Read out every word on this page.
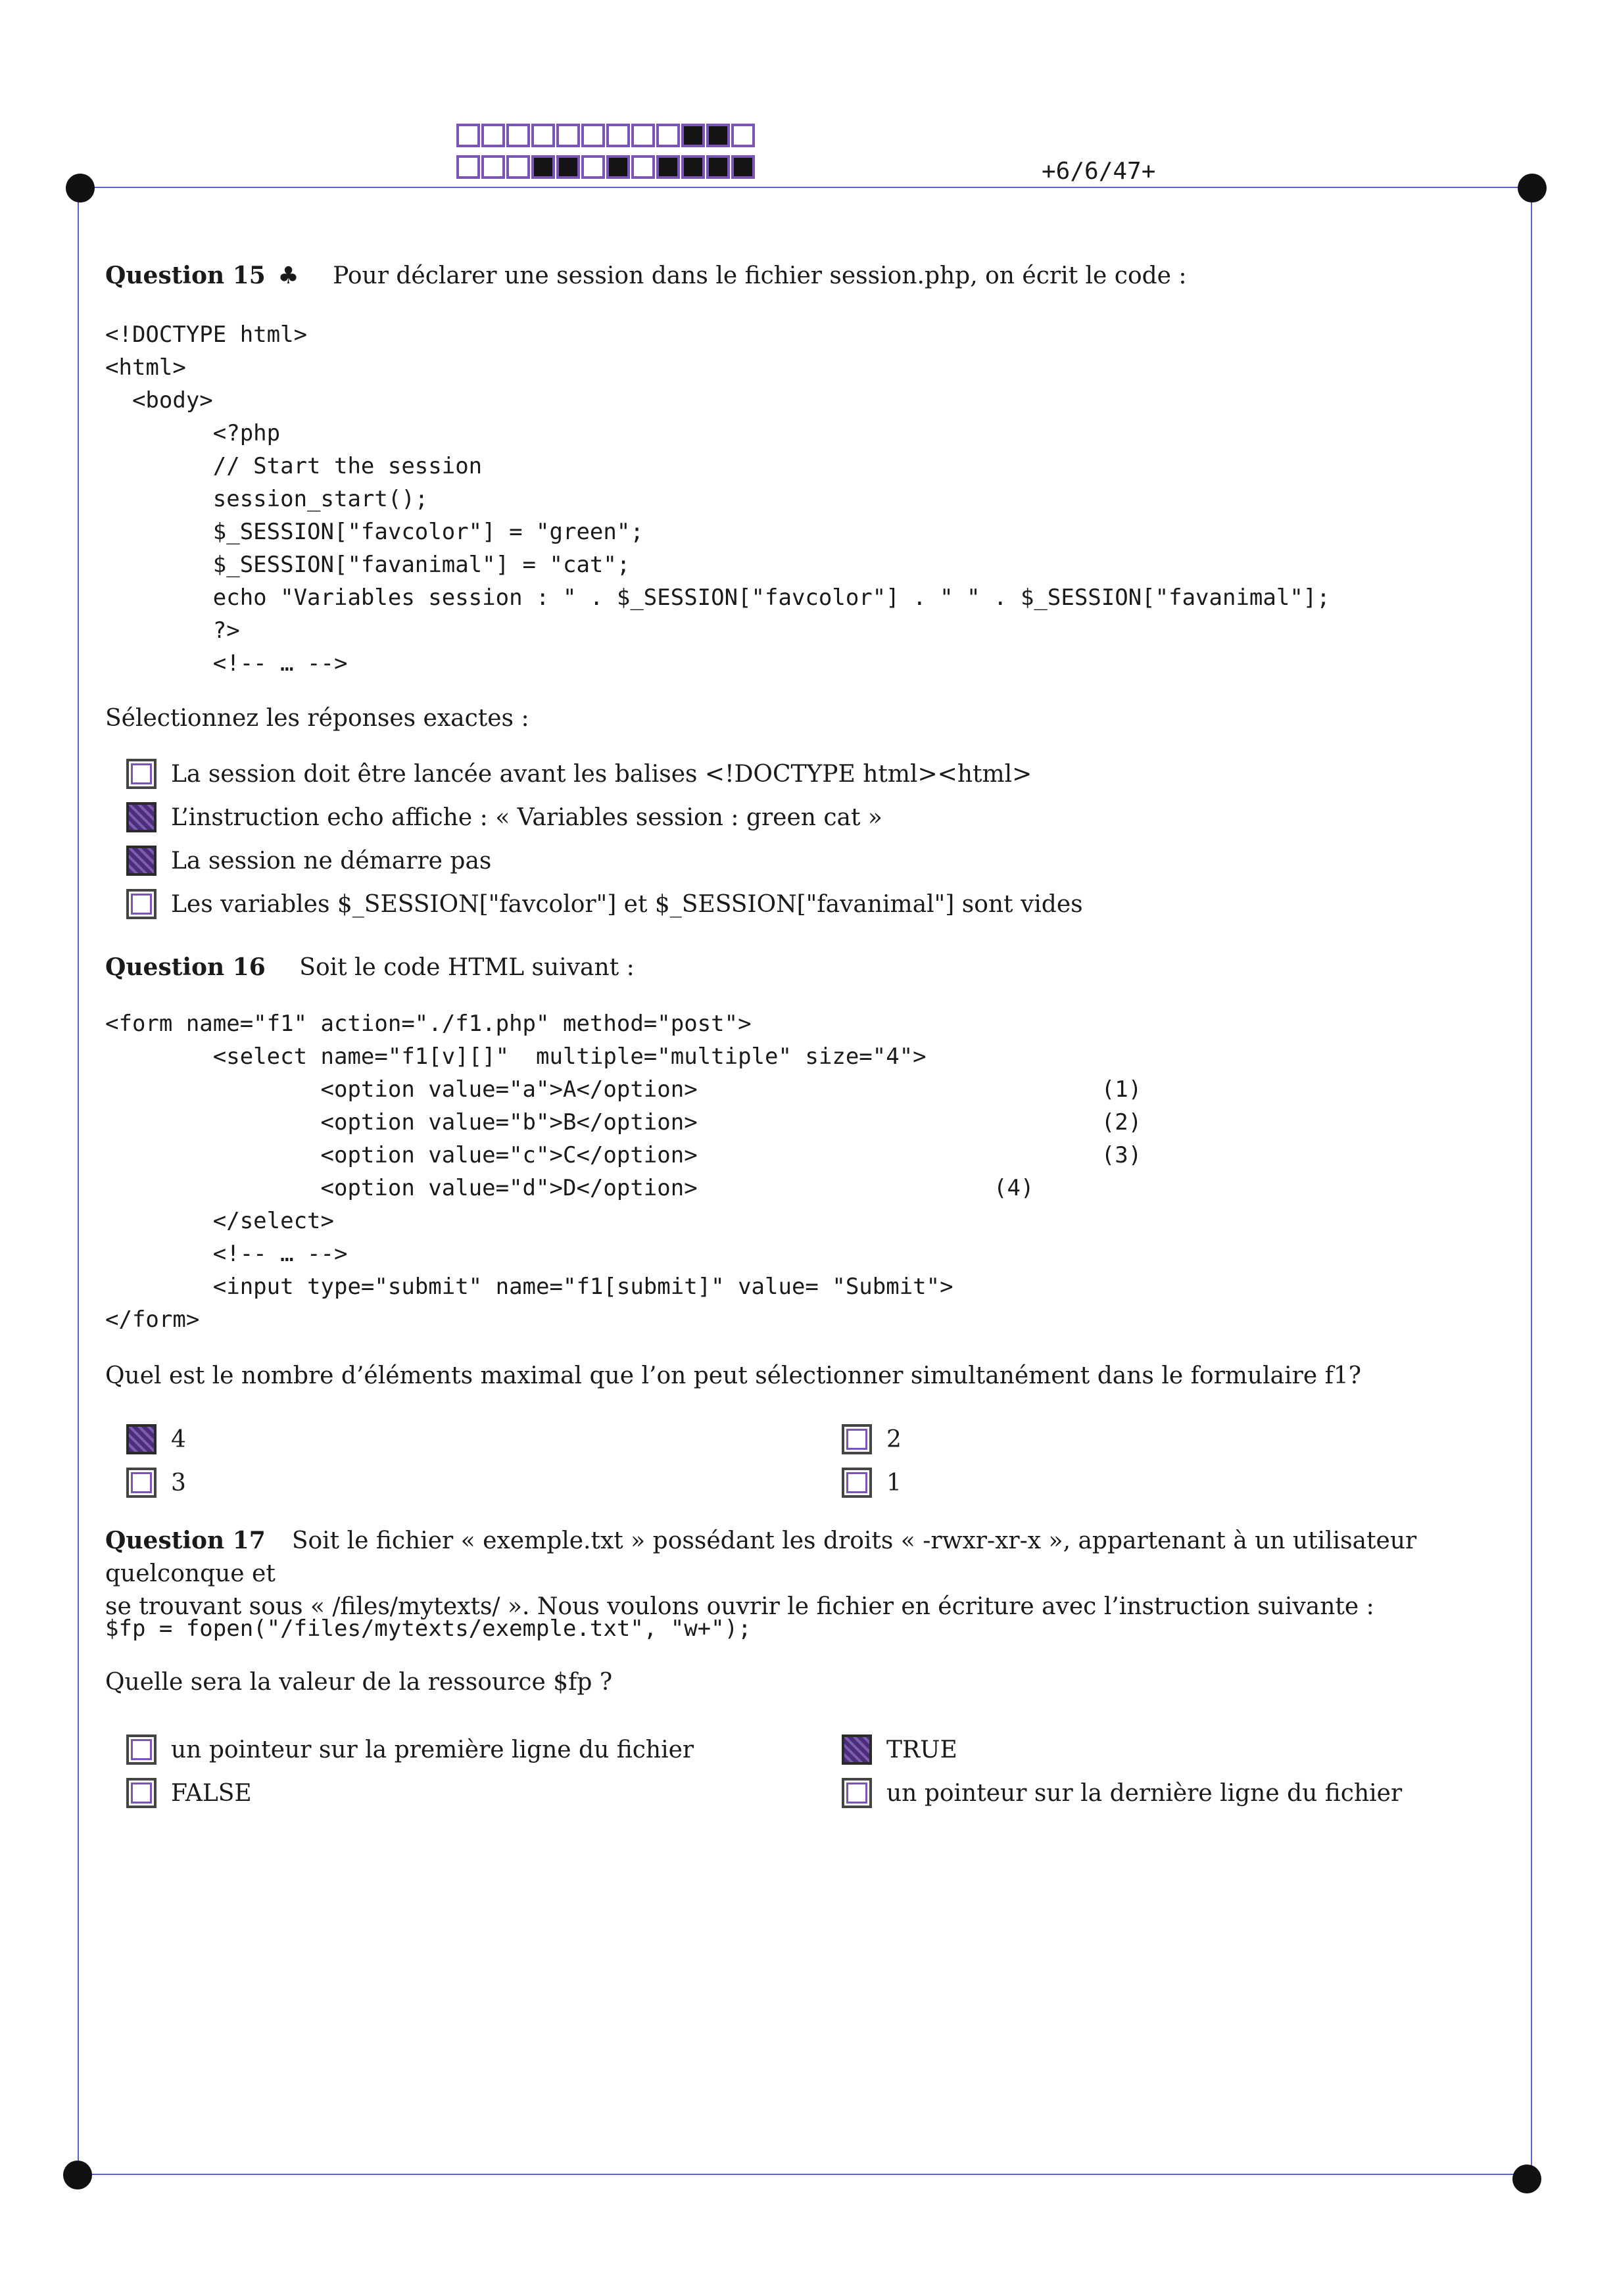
+6/6/47+
Question 15 ♣ Pour déclarer une session dans le fichier session.php, on écrit le code :
<!DOCTYPE html>
<html>
<body>
<?php
// Start the session
session_start();
$_SESSION["favcolor"] = "green";
$_SESSION["favanimal"] = "cat";
echo "Variables session : " . $_SESSION["favcolor"] . " " . $_SESSION["favanimal"];
?>
<!-- … -->
Sélectionnez les réponses exactes :
La session doit être lancée avant les balises <!DOCTYPE html><html>
L’instruction echo affiche : « Variables session : green cat »
La session ne démarre pas
Les variables $_SESSION["favcolor"] et $_SESSION["favanimal"] sont vides
Question 16 Soit le code HTML suivant :
<form name="f1" action="./f1.php" method="post">
<select name="f1[v][]"  multiple="multiple" size="4">
<option value="a">A</option>                              (1)
<option value="b">B</option>                              (2)
<option value="c">C</option>                              (3)
<option value="d">D</option>                      (4)
</select>
<!-- … -->
<input type="submit" name="f1[submit]" value= "Submit">
</form>
Quel est le nombre d’éléments maximal que l’on peut sélectionner simultanément dans le formulaire f1?
4	2
3	1
Question 17 Soit le fichier « exemple.txt » possédant les droits « -rwxr-xr-x », appartenant à un utilisateur quelconque et
se trouvant sous « /files/mytexts/ ». Nous voulons ouvrir le fichier en écriture avec l’instruction suivante :
$fp = fopen("/files/mytexts/exemple.txt", "w+");
Quelle sera la valeur de la ressource $fp ?
un pointeur sur la première ligne du fichier	TRUE
FALSE	un pointeur sur la dernière ligne du fichier
